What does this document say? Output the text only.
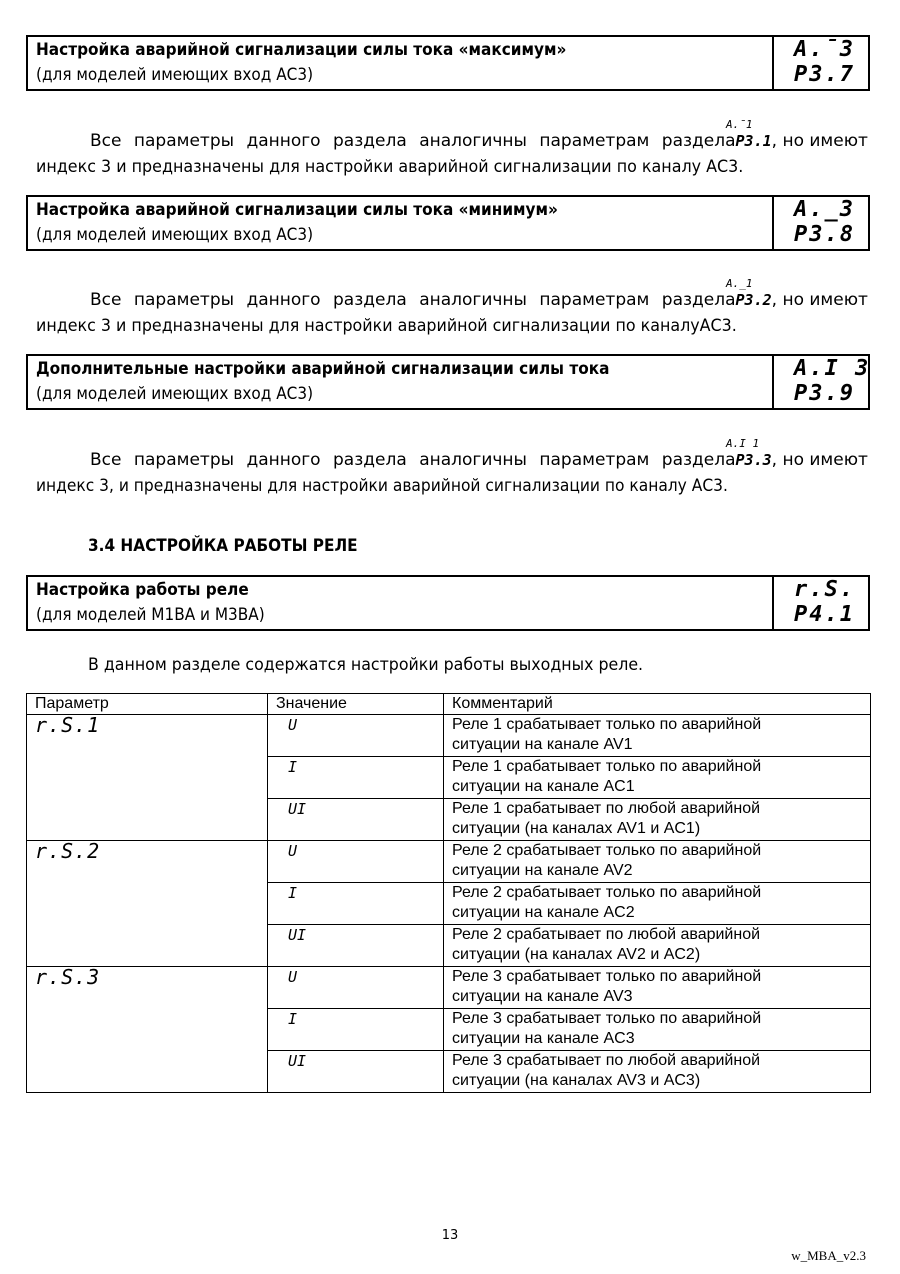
Настройка аварийной сигнализации силы тока «максимум»
(для моделей имеющих вход АС3)
A.¯3
P3.7
A.¯1
Все параметры данного раздела аналогичны параметрам разделаP3.1, но имеют
индекс 3 и предназначены для настройки аварийной сигнализации по каналу АС3.
Настройка аварийной сигнализации силы тока «минимум»
(для моделей имеющих вход АС3)
A._3
P3.8
A._1
Все параметры данного раздела аналогичны параметрам разделаP3.2, но имеют
индекс 3 и предназначены для настройки аварийной сигнализации по каналуАС3.
Дополнительные настройки аварийной сигнализации силы тока
(для моделей имеющих вход АС3)
A.I 3
P3.9
A.I 1
Все параметры данного раздела аналогичны параметрам разделаP3.3, но имеют
индекс 3, и предназначены для настройки аварийной сигнализации по каналу АС3.
3.4 НАСТРОЙКА РАБОТЫ РЕЛЕ
Настройка работы реле
(для моделей М1ВА и М3ВА)
r.S.
P4.1
В данном разделе содержатся настройки работы выходных реле.
Параметр	Значение	Комментарий
r.S.1	U	Реле 1 срабатывает только по аварийной
ситуации на канале AV1

	I	Реле 1 срабатывает только по аварийной
ситуации на канале AC1

	UI	Реле 1 срабатывает по любой аварийной
ситуации (на каналах AV1 и AC1)

r.S.2	U	Реле 2 срабатывает только по аварийной
ситуации на канале AV2

	I	Реле 2 срабатывает только по аварийной
ситуации на канале AC2

	UI	Реле 2 срабатывает по любой аварийной
ситуации (на каналах AV2 и AC2)

r.S.3	U	Реле 3 срабатывает только по аварийной
ситуации на канале AV3

	I	Реле 3 срабатывает только по аварийной
ситуации на канале AC3

	UI	Реле 3 срабатывает по любой аварийной
ситуации (на каналах AV3 и AC3)
13
w_MBA_v2.3
